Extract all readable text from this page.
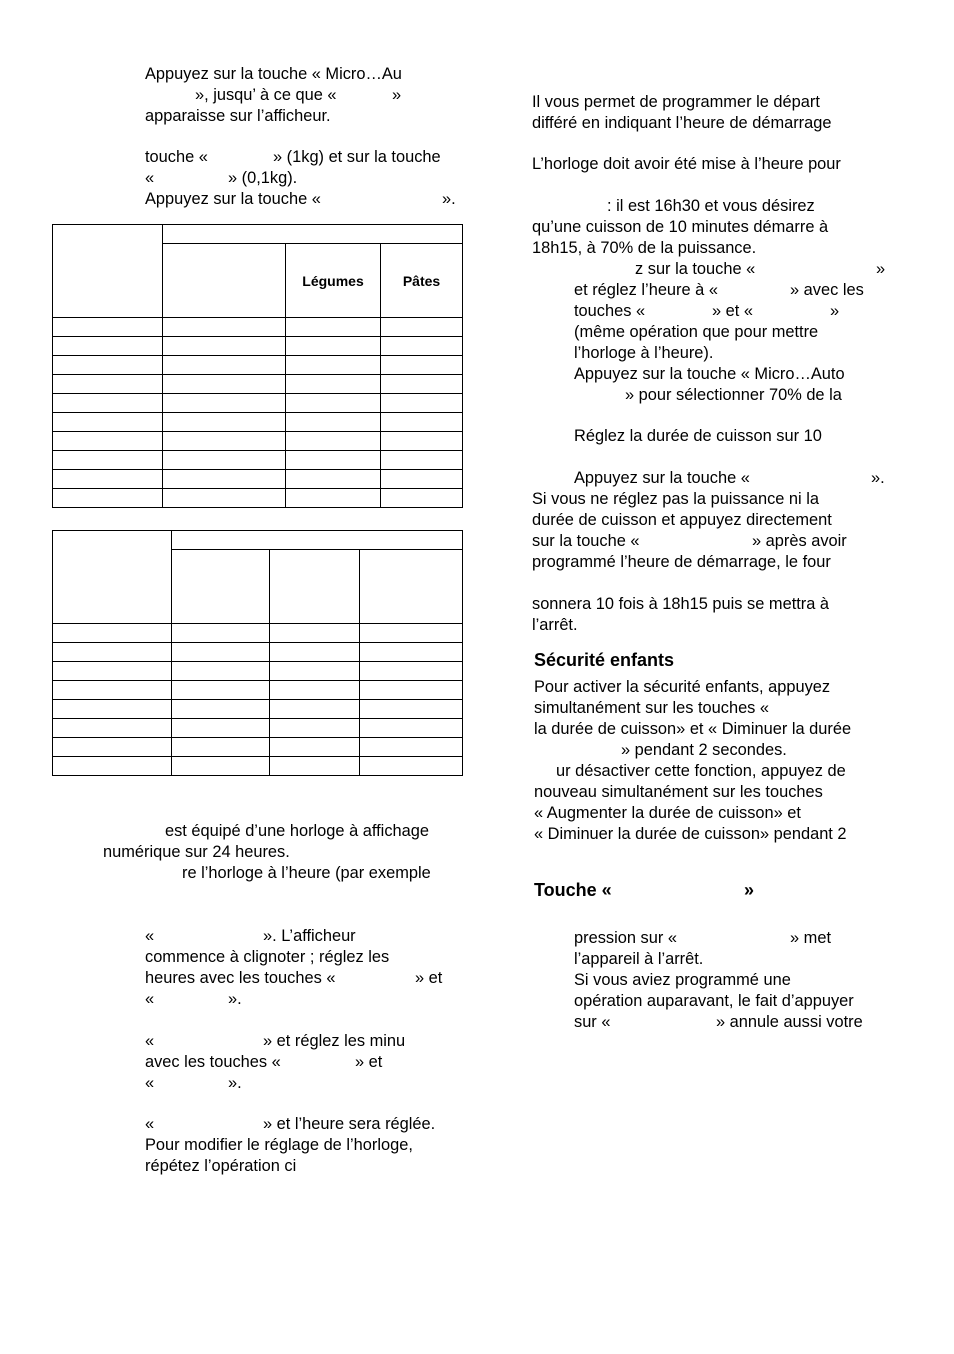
Appuyez sur la touche « Micro…Au
», jusqu’ à ce que «	»
apparaisse sur l’afficheur.
touche «	» (1kg) et sur la touche
«	» (0,1kg).
Appuyez sur la touche «	».

		Légumes	Pâtes

est équipé d’une horloge à affichage
numérique sur 24 heures.
re l’horloge à l’heure (par exemple
«	». L’afficheur
commence à clignoter ; réglez les
heures avec les touches «	» et
«	».
«	» et réglez les minu
avec les touches «	» et
«	».
«	» et l’heure sera réglée.
Pour modifier le réglage de l’horloge,
répétez l’opération ci
Il vous permet de programmer le départ
différé en indiquant l’heure de démarrage
L’horloge doit avoir été mise à l’heure pour
: il est 16h30 et vous désirez
qu’une cuisson de 10 minutes démarre à
18h15, à 70% de la puissance.
z sur la touche «	»
et réglez l’heure à «	» avec les
touches «	» et «	»
(même opération que pour mettre
l’horloge à l’heure).
Appuyez sur la touche « Micro…Auto
» pour sélectionner 70% de la
Réglez la durée de cuisson sur 10
Appuyez sur la touche «	».
Si vous ne réglez pas la puissance ni la
durée de cuisson et appuyez directement
sur la touche «	» après avoir
programmé l’heure de démarrage, le four
sonnera 10 fois à 18h15 puis se mettra à
l’arrêt.
Sécurité enfants
Pour activer la sécurité enfants, appuyez
simultanément sur les touches «
la durée de cuisson» et « Diminuer la durée
» pendant 2 secondes.
ur désactiver cette fonction, appuyez de
nouveau simultanément sur les touches
« Augmenter la durée de cuisson» et
« Diminuer la durée de cuisson» pendant 2
Touche «	»
pression sur «	» met
l’appareil à l’arrêt.
Si vous aviez programmé une
opération auparavant, le fait d’appuyer
sur «	» annule aussi votre
